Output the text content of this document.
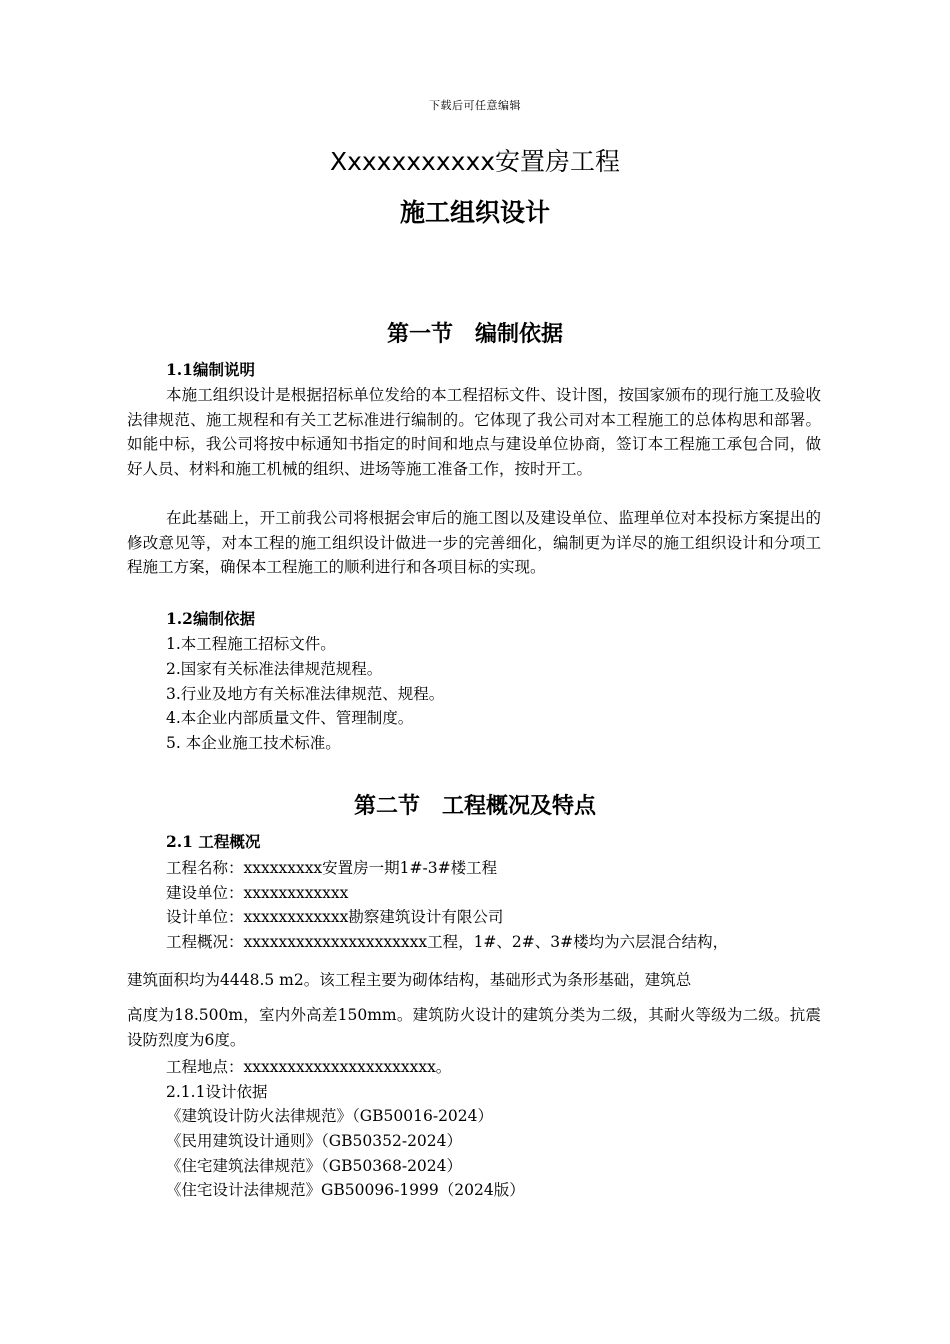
下载后可任意编辑
Xxxxxxxxxxx安置房工程
施工组织设计
第一节　编制依据
1.1编制说明
本施工组织设计是根据招标单位发给的本工程招标文件、设计图，按国家颁布的现行施工及验收法律规范、施工规程和有关工艺标准进行编制的。它体现了我公司对本工程施工的总体构思和部署。如能中标，我公司将按中标通知书指定的时间和地点与建设单位协商，签订本工程施工承包合同，做好人员、材料和施工机械的组织、进场等施工准备工作，按时开工。
在此基础上，开工前我公司将根据会审后的施工图以及建设单位、监理单位对本投标方案提出的修改意见等，对本工程的施工组织设计做进一步的完善细化，编制更为详尽的施工组织设计和分项工程施工方案，确保本工程施工的顺利进行和各项目标的实现。
1.2编制依据
1.本工程施工招标文件。
2.国家有关标准法律规范规程。
3.行业及地方有关标准法律规范、规程。
4.本企业内部质量文件、管理制度。
5. 本企业施工技术标准。
第二节　工程概况及特点
2.1 工程概况
工程名称：xxxxxxxxx安置房一期1#-3#楼工程
建设单位：xxxxxxxxxxxx
设计单位：xxxxxxxxxxxx勘察建筑设计有限公司
工程概况：xxxxxxxxxxxxxxxxxxxxx工程，1#、2#、3#楼均为六层混合结构，
建筑面积均为4448.5 m2。该工程主要为砌体结构，基础形式为条形基础，建筑总
高度为18.500m，室内外高差150mm。建筑防火设计的建筑分类为二级，其耐火等级为二级。抗震设防烈度为6度。
工程地点：xxxxxxxxxxxxxxxxxxxxxx。
2.1.1设计依据
《建筑设计防火法律规范》（GB50016-2024）
《民用建筑设计通则》（GB50352-2024）
《住宅建筑法律规范》（GB50368-2024）
《住宅设计法律规范》GB50096-1999（2024版）
